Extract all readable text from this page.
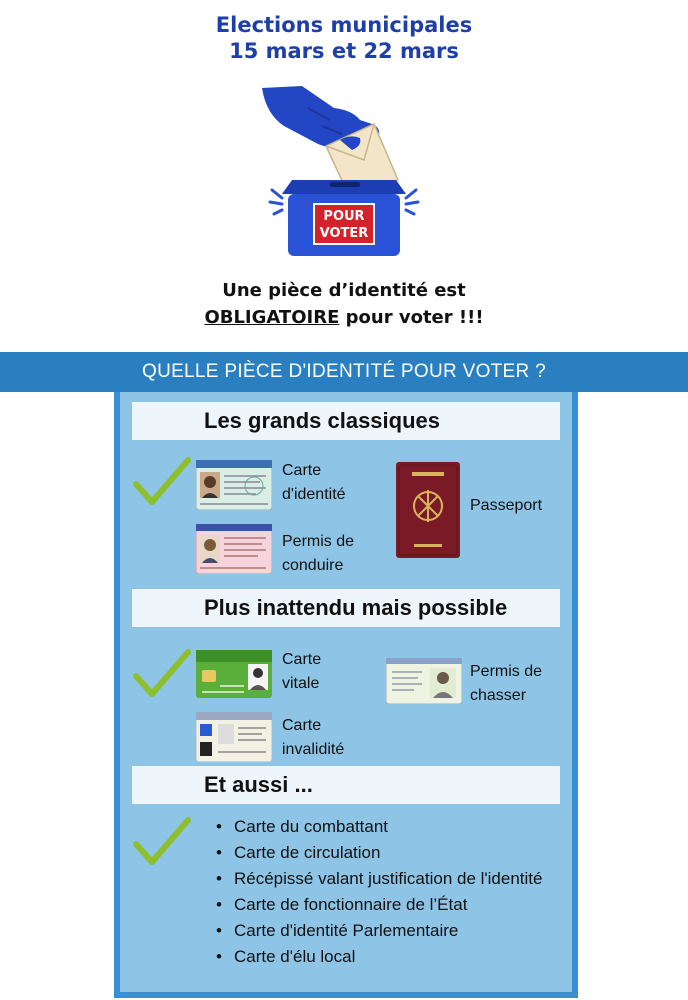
Elections municipales
15 mars et 22 mars
POUR
VOTER
Une pièce d’identité est
OBLIGATOIRE pour voter !!!
QUELLE PIÈCE D'IDENTITÉ POUR VOTER ?
Les grands classiques
Carte
d'identité
Permis de
conduire
Passeport
Plus inattendu mais possible
Carte
vitale
Carte
invalidité
Permis de
chasser
Et aussi ...
• Carte du combattant
• Carte de circulation
• Récépissé valant justification de l'identité
• Carte de fonctionnaire de l’État
• Carte d'identité Parlementaire
• Carte d'élu local
